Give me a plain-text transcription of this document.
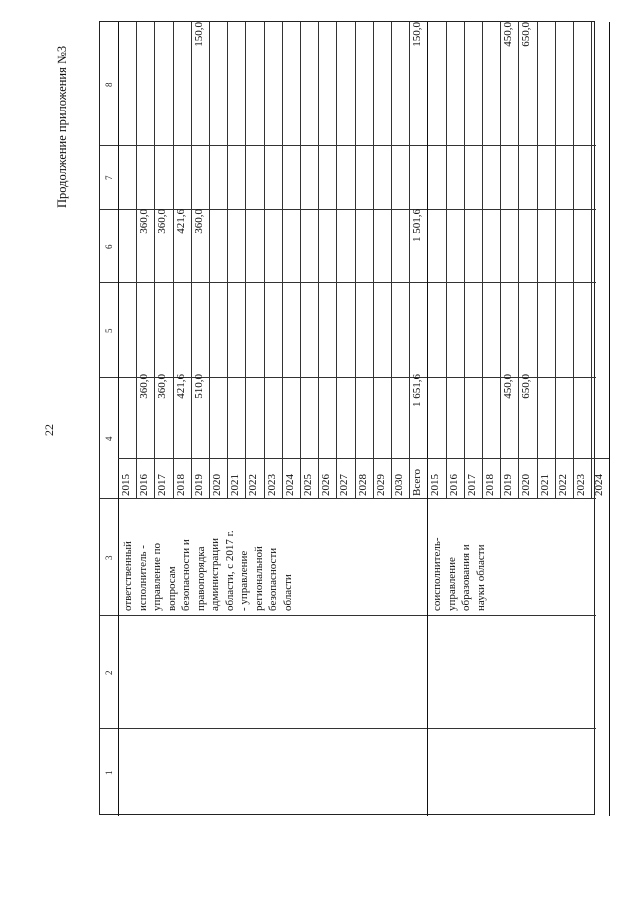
22
Продолжение приложения №3
1
2
3
4
5
6
7
8
2015 2016
360,0
360,0
2017
360,0
360,0
2018
421,6
421,6
2019
510,0
360,0
150,0
2020 2021 2022 2023 2024 2025 2026 2027 2028 2029 2030 Всего
1 651,6
1 501,6
150,0
ответственный исполнитель - управление по вопросам безопасности и правопорядка администрации области, с 2017 г. - управление региональной безопасности области
2015 2016 2017 2018 2019
450,0
450,0
2020
650,0
650,0
2021 2022 2023 2024
соисполнитель- управление образования и науки области
